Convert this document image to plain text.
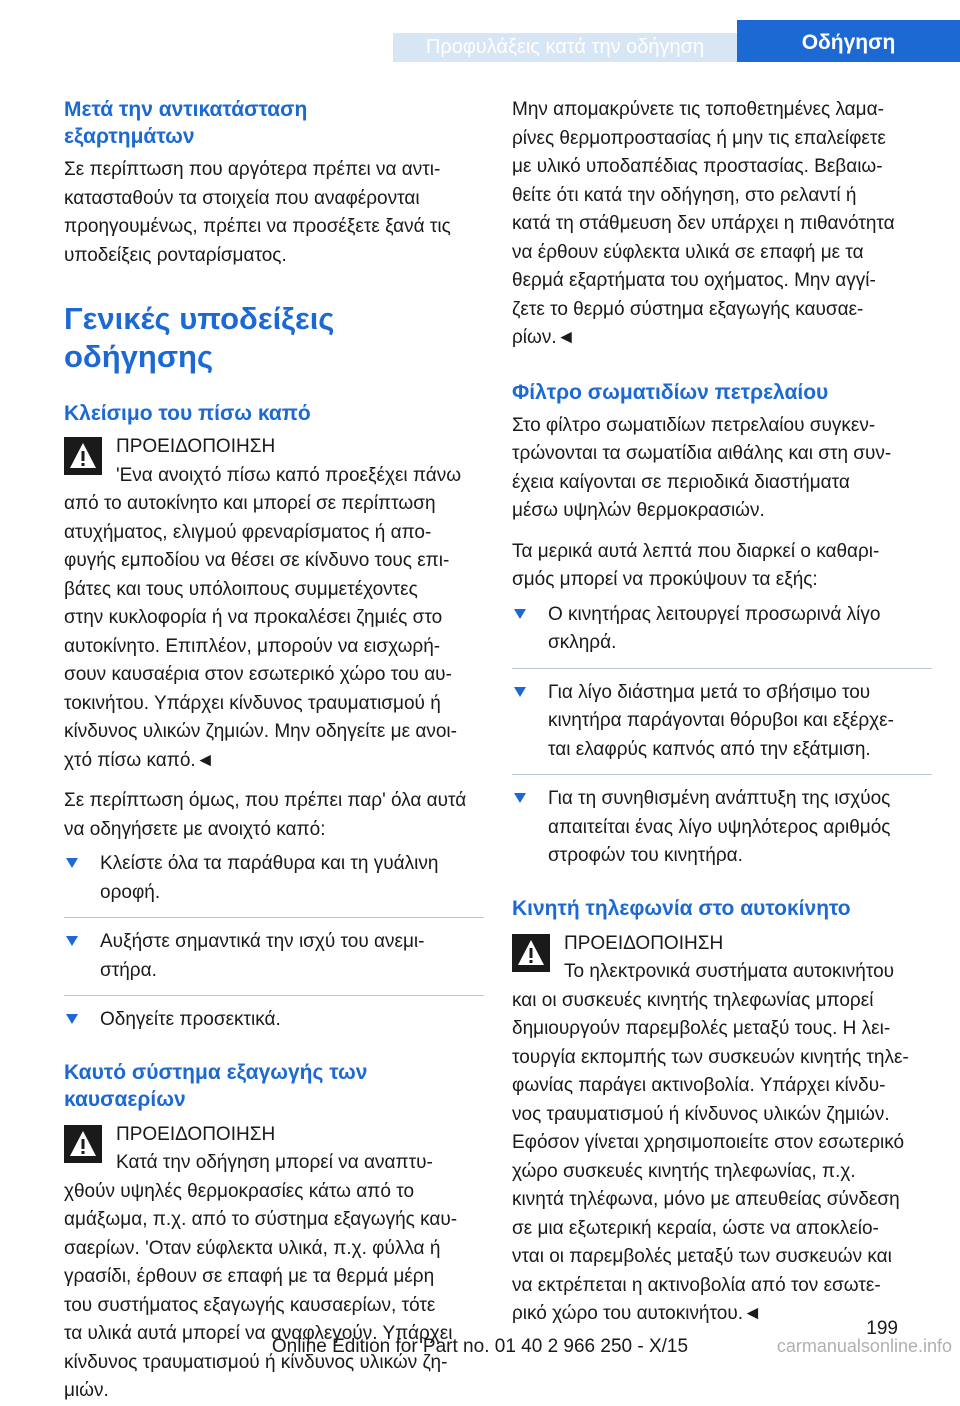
Προφυλάξεις κατά την οδήγηση	Οδήγηση
Μετά την αντικατάσταση
εξαρτημάτων

Σε περίπτωση που αργότερα πρέπει να αντι-

κατασταθούν τα στοιχεία που αναφέρονται

προηγουμένως, πρέπει να προσέξετε ξανά τις

υποδείξεις ρονταρίσματος.

Γενικές υποδείξεις οδήγησης
Κλείσιμο του πίσω καπό

ΠΡΟΕΙΔΟΠΟΙΗΣΗ

'Ενα ανοιχτό πίσω καπό προεξέχει πάνω

από το αυτοκίνητο και μπορεί σε περίπτωση

ατυχήματος, ελιγμού φρεναρίσματος ή απο-

φυγής εμποδίου να θέσει σε κίνδυνο τους επι-

βάτες και τους υπόλοιπους συμμετέχοντες

στην κυκλοφορία ή να προκαλέσει ζημιές στο

αυτοκίνητο. Επιπλέον, μπορούν να εισχωρή-

σουν καυσαέρια στον εσωτερικό χώρο του αυ-

τοκινήτου. Υπάρχει κίνδυνος τραυματισμού ή

κίνδυνος υλικών ζημιών. Μην οδηγείτε με ανοι-

χτό πίσω καπό.◄

Σε περίπτωση όμως, που πρέπει παρ' όλα αυτά

να οδηγήσετε με ανοιχτό καπό:

Κλείστε όλα τα παράθυρα και τη γυάλινη
οροφή.
Αυξήστε σημαντικά την ισχύ του ανεμι-
στήρα.
Οδηγείτε προσεκτικά.
Καυτό σύστημα εξαγωγής των
καυσαερίων

ΠΡΟΕΙΔΟΠΟΙΗΣΗ

Κατά την οδήγηση μπορεί να αναπτυ-

χθούν υψηλές θερμοκρασίες κάτω από το

αμάξωμα, π.χ. από το σύστημα εξαγωγής καυ-

σαερίων. 'Οταν εύφλεκτα υλικά, π.χ. φύλλα ή

γρασίδι, έρθουν σε επαφή με τα θερμά μέρη

του συστήματος εξαγωγής καυσαερίων, τότε

τα υλικά αυτά μπορεί να αναφλεγούν. Υπάρχει

κίνδυνος τραυματισμού ή κίνδυνος υλικών ζη-

μιών.

Μην απομακρύνετε τις τοποθετημένες λαμα-

ρίνες θερμοπροστασίας ή μην τις επαλείφετε

με υλικό υποδαπέδιας προστασίας. Βεβαιω-

θείτε ότι κατά την οδήγηση, στο ρελαντί ή

κατά τη στάθμευση δεν υπάρχει η πιθανότητα

να έρθουν εύφλεκτα υλικά σε επαφή με τα

θερμά εξαρτήματα του οχήματος. Μην αγγί-

ζετε το θερμό σύστημα εξαγωγής καυσαε-

ρίων.◄

Φίλτρο σωματιδίων πετρελαίου

Στο φίλτρο σωματιδίων πετρελαίου συγκεν-

τρώνονται τα σωματίδια αιθάλης και στη συν-

έχεια καίγονται σε περιοδικά διαστήματα

μέσω υψηλών θερμοκρασιών.

Τα μερικά αυτά λεπτά που διαρκεί ο καθαρι-

σμός μπορεί να προκύψουν τα εξής:

Ο κινητήρας λειτουργεί προσωρινά λίγο
σκληρά.
Για λίγο διάστημα μετά το σβήσιμο του
κινητήρα παράγονται θόρυβοι και εξέρχε-
ται ελαφρύς καπνός από την εξάτμιση.
Για τη συνηθισμένη ανάπτυξη της ισχύος
απαιτείται ένας λίγο υψηλότερος αριθμός
στροφών του κινητήρα.
Κινητή τηλεφωνία στο αυτοκίνητο

ΠΡΟΕΙΔΟΠΟΙΗΣΗ

Το ηλεκτρονικά συστήματα αυτοκινήτου

και οι συσκευές κινητής τηλεφωνίας μπορεί

δημιουργούν παρεμβολές μεταξύ τους. Η λει-

τουργία εκπομπής των συσκευών κινητής τηλε-

φωνίας παράγει ακτινοβολία. Υπάρχει κίνδυ-

νος τραυματισμού ή κίνδυνος υλικών ζημιών.

Εφόσον γίνεται χρησιμοποιείτε στον εσωτερικό

χώρο συσκευές κινητής τηλεφωνίας, π.χ.

κινητά τηλέφωνα, μόνο με απευθείας σύνδεση

σε μια εξωτερική κεραία, ώστε να αποκλείο-

νται οι παρεμβολές μεταξύ των συσκευών και

να εκτρέπεται η ακτινοβολία από τον εσωτε-

ρικό χώρο του αυτοκινήτου.◄

199
Online Edition for Part no. 01 40 2 966 250 - X/15	carmanualsonline.info
